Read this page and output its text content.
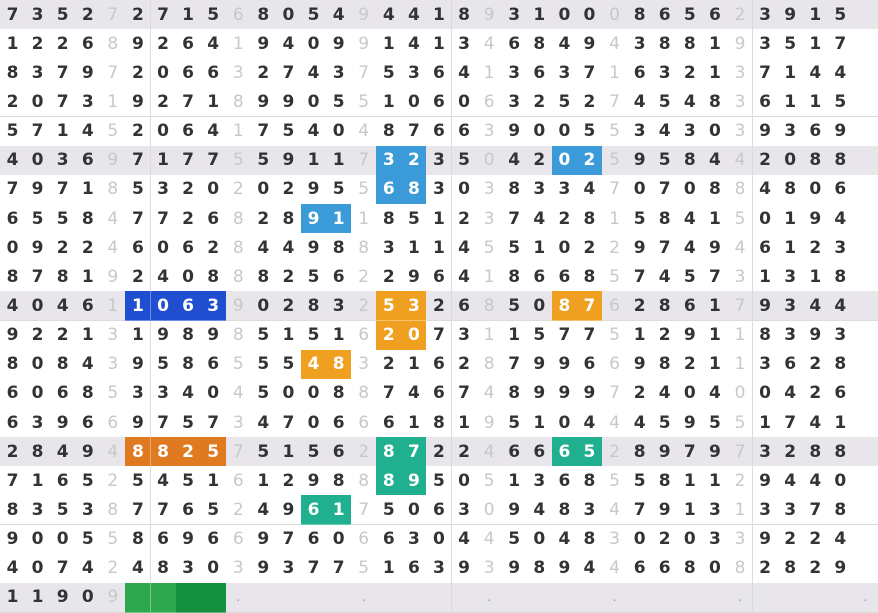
7 3 5 2 7 2 7 1 5 6 8 0 5 4 9 4 4 1 8 9 3 1 0 0 0 8 6 5 6 2 3 9 1 5
1 2 2 6 8 9 2 6 4 1 9 4 0 9 9 1 4 1 3 4 6 8 4 9 4 3 8 8 1 9 3 5 1 7
8 3 7 9 7 2 0 6 6 3 2 7 4 3 7 5 3 6 4 1 3 6 3 7 1 6 3 2 1 3 7 1 4 4
2 0 7 3 1 9 2 7 1 8 9 9 0 5 5 1 0 6 0 6 3 2 5 2 7 4 5 4 8 3 6 1 1 5
5 7 1 4 5 2 0 6 4 1 7 5 4 0 4 8 7 6 6 3 9 0 0 5 5 3 4 3 0 3 9 3 6 9
4 0 3 6 9 7 1 7 7 5 5 9 1 1 7 3 2 3 5 0 4 2 0 2 5 9 5 8 4 4 2 0 8 8
7 9 7 1 8 5 3 2 0 2 0 2 9 5 5 6 8 3 0 3 8 3 3 4 7 0 7 0 8 8 4 8 0 6
6 5 5 8 4 7 7 2 6 8 2 8 9 1 1 8 5 1 2 3 7 4 2 8 1 5 8 4 1 5 0 1 9 4
0 9 2 2 4 6 0 6 2 8 4 4 9 8 8 3 1 1 4 5 5 1 0 2 2 9 7 4 9 4 6 1 2 3
8 7 8 1 9 2 4 0 8 8 8 2 5 6 2 2 9 6 4 1 8 6 6 8 5 7 4 5 7 3 1 3 1 8
4 0 4 6 1 1 0 6 3 9 0 2 8 3 2 5 3 2 6 8 5 0 8 7 6 2 8 6 1 7 9 3 4 4
9 2 2 1 3 1 9 8 9 8 5 1 5 1 6 2 0 7 3 1 1 5 7 7 5 1 2 9 1 1 8 3 9 3
8 0 8 4 3 9 5 8 6 5 5 5 4 8 3 2 1 6 2 8 7 9 9 6 6 9 8 2 1 1 3 6 2 8
6 0 6 8 5 3 3 4 0 4 5 0 0 8 8 7 4 6 7 4 8 9 9 9 7 2 4 0 4 0 0 4 2 6
6 3 9 6 6 9 7 5 7 3 4 7 0 6 6 6 1 8 1 9 5 1 0 4 4 4 5 9 5 5 1 7 4 1
2 8 4 9 4 8 8 2 5 7 5 1 5 6 2 8 7 2 2 4 6 6 6 5 2 8 9 7 9 7 3 2 8 8
7 1 6 5 2 5 4 5 1 6 1 2 9 8 8 8 9 5 0 5 1 3 6 8 5 5 8 1 1 2 9 4 4 0
8 3 5 3 8 7 7 6 5 2 4 9 6 1 7 5 0 6 3 0 9 4 8 3 4 7 9 1 3 1 3 3 7 8
9 0 0 5 5 8 6 9 6 6 9 7 6 0 6 6 3 0 4 4 5 0 4 8 3 0 2 0 3 3 9 2 2 4
4 0 7 4 2 4 8 3 0 3 9 3 7 7 5 1 6 3 9 3 9 8 9 4 4 6 6 8 0 8 2 8 2 9
1 1 9 0 9	.	.	.	.	.	.
